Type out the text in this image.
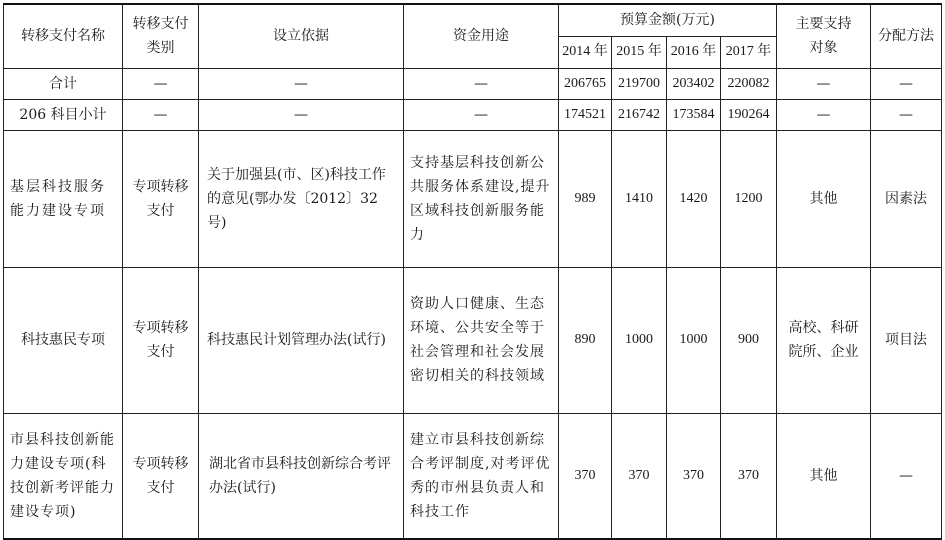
转移支付名称	转移支付类别	设立依据	资金用途	预算金额(万元)				主要支持对象	分配方法
				2014 年	2015 年	2016 年	2017 年		
合计	—	—	—	206765	219700	203402	220082	—	—
206 科目小计	—	—	—	174521	216742	173584	190264	—	—
基层科技服务能力建设专项	专项转移支付	关于加强县(市、区)科技工作的意见(鄂办发〔2012〕32号)	支持基层科技创新公共服务体系建设,提升区域科技创新服务能力	989	1410	1420	1200	其他	因素法
科技惠民专项	专项转移支付	科技惠民计划管理办法(试行)	资助人口健康、生态环境、公共安全等于社会管理和社会发展密切相关的科技领域	890	1000	1000	900	高校、科研院所、企业	项目法
市县科技创新能力建设专项(科技创新考评能力建设专项)	专项转移支付	湖北省市县科技创新综合考评办法(试行)	建立市县科技创新综合考评制度,对考评优秀的市州县负责人和科技工作	370	370	370	370	其他	—
